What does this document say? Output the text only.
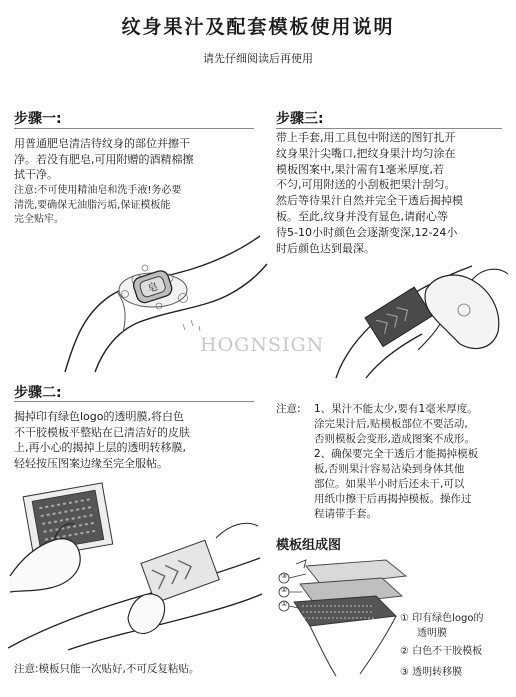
纹身果汁及配套模板使用说明
请先仔细阅读后再使用
步骤一:
用普通肥皂清洁待纹身的部位并擦干
净。若没有肥皂,可用附赠的酒精棉擦
拭干净。
注意:不可使用精油皂和洗手液!务必要
清洗,要确保无油脂污垢,保证模板能
完全贴牢。
皂
步骤三:
带上手套,用工具包中附送的图钉扎开
纹身果汁尖嘴口,把纹身果汁均匀涂在
模板图案中,果汁需有1毫米厚度,若
不匀,可用附送的小刮板把果汁刮匀。
然后等待果汁自然并完全干透后揭掉模
板。至此,纹身并没有显色,请耐心等
待5-10小时颜色会逐渐变深,12-24小
时后颜色达到最深。
HOGNSIGN
步骤二:
揭掉印有绿色logo的透明膜,将白色
不干胶模板平整贴在已清洁好的皮肤
上,再小心的揭掉上层的透明转移膜,
轻轻按压图案边缘至完全服帖。
注意:模板只能一次贴好,不可反复粘贴。
注意: 1、果汁不能太少,要有1毫米厚度。
涂完果汁后,贴模板部位不要活动,
否则模板会变形,造成图案不成形。
2、确保要完全干透后才能揭掉模板
板,否则果汁容易沾染到身体其他
部位。如果半小时后还未干,可以
用纸巾擦干后再揭掉模板。操作过
程请带手套。
模板组成图
③
②
①
① 印有绿色logo的
透明膜
② 白色不干胶模板
③ 透明转移膜
